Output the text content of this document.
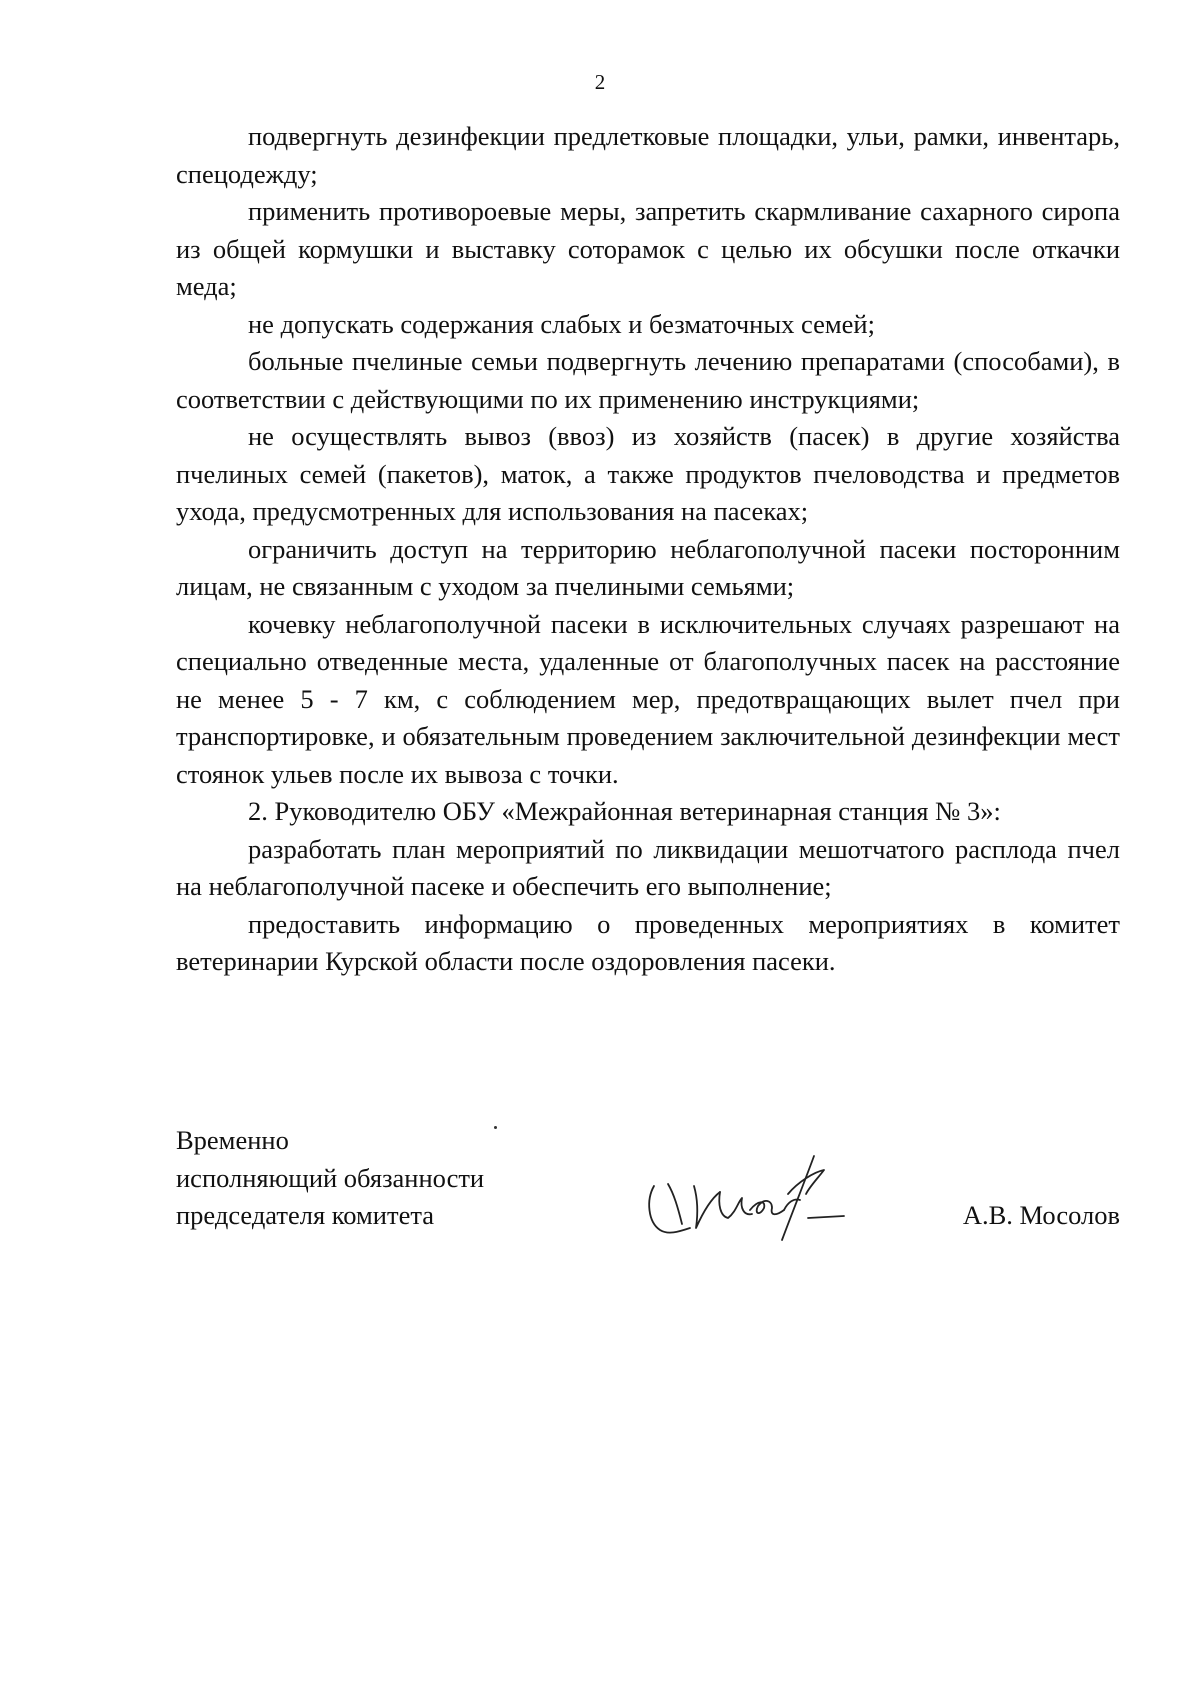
2

подвергнуть дезинфекции предлетковые площадки, ульи, рамки, инвентарь, спецодежду;

применить противороевые меры, запретить скармливание сахарного сиропа из общей кормушки и выставку соторамок с целью их обсушки после откачки меда;

не допускать содержания слабых и безматочных семей;

больные пчелиные семьи подвергнуть лечению препаратами (способами), в соответствии с действующими по их применению инструкциями;

не осуществлять вывоз (ввоз) из хозяйств (пасек) в другие хозяйства пчелиных семей (пакетов), маток, а также продуктов пчеловодства и предметов ухода, предусмотренных для использования на пасеках;

ограничить доступ на территорию неблагополучной пасеки посторонним лицам, не связанным с уходом за пчелиными семьями;

кочевку неблагополучной пасеки в исключительных случаях разрешают на специально отведенные места, удаленные от благополучных пасек на расстояние не менее 5 - 7 км, с соблюдением мер, предотвращающих вылет пчел при транспортировке, и обязательным проведением заключительной дезинфекции мест стоянок ульев после их вывоза с точки.

2. Руководителю ОБУ «Межрайонная ветеринарная станция № 3»:

разработать план мероприятий по ликвидации мешотчатого расплода пчел на неблагополучной пасеке и обеспечить его выполнение;

предоставить информацию о проведенных мероприятиях в комитет ветеринарии Курской области после оздоровления пасеки.

Временно
исполняющий обязанности
председателя комитета	А.В. Мосолов
